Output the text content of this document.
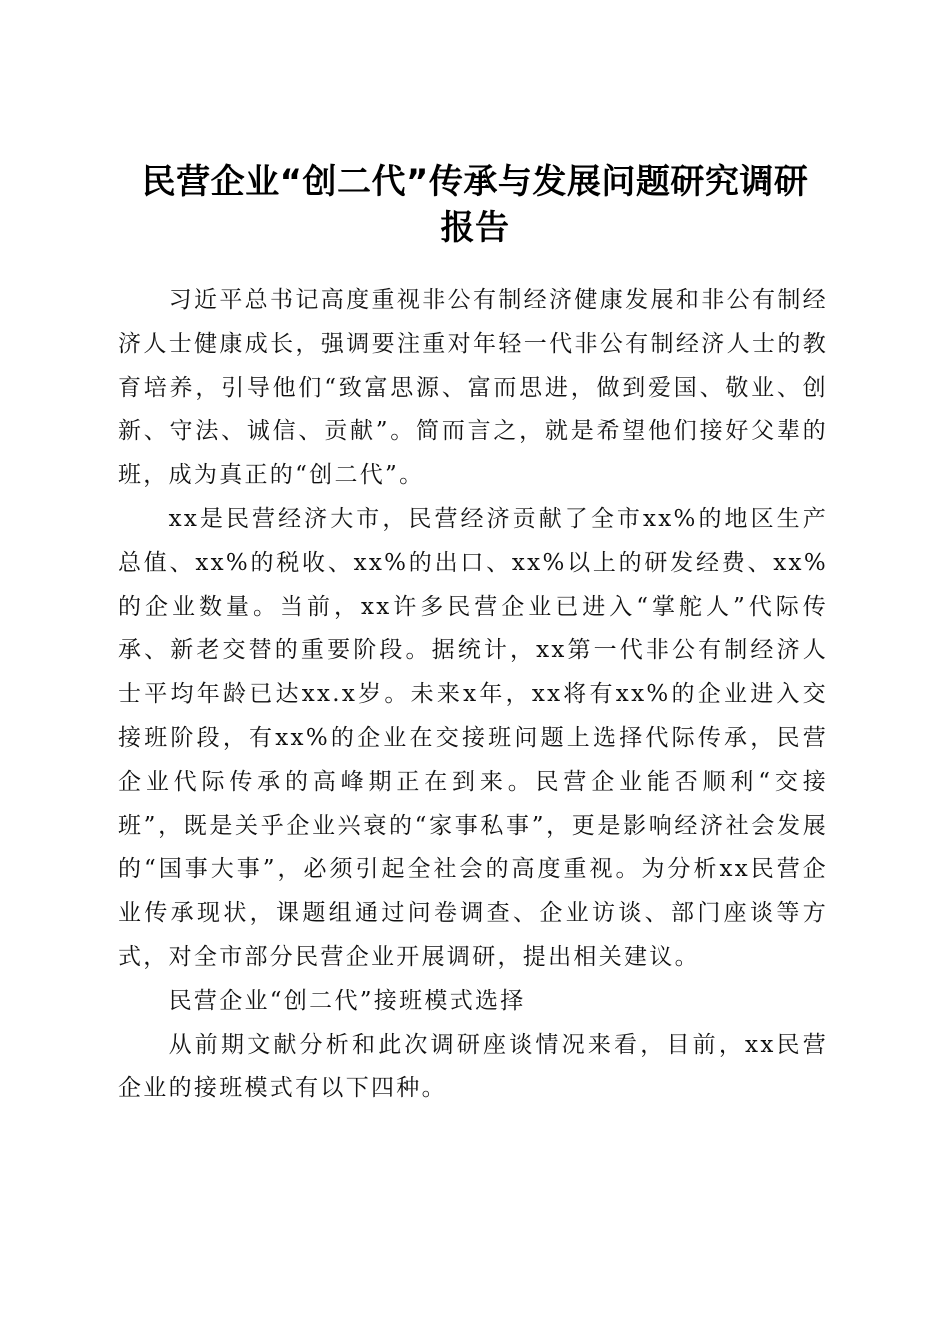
民营企业“创二代”传承与发展问题研究调研
报告

习近平总书记高度重视非公有制经济健康发展和非公有制经济人士健康成长，强调要注重对年轻一代非公有制经济人士的教育培养，引导他们“致富思源、富而思进，做到爱国、敬业、创新、守法、诚信、贡献”。简而言之，就是希望他们接好父辈的班，成为真正的“创二代”。

xx是民营经济大市，民营经济贡献了全市xx%的地区生产总值、xx%的税收、xx%的出口、xx%以上的研发经费、xx%的企业数量。当前，xx许多民营企业已进入“掌舵人”代际传承、新老交替的重要阶段。据统计，xx第一代非公有制经济人士平均年龄已达xx.x岁。未来x年，xx将有xx%的企业进入交接班阶段，有xx%的企业在交接班问题上选择代际传承，民营企业代际传承的高峰期正在到来。民营企业能否顺利“交接班”，既是关乎企业兴衰的“家事私事”，更是影响经济社会发展的“国事大事”，必须引起全社会的高度重视。为分析xx民营企业传承现状，课题组通过问卷调查、企业访谈、部门座谈等方式，对全市部分民营企业开展调研，提出相关建议。

民营企业“创二代”接班模式选择

从前期文献分析和此次调研座谈情况来看，目前，xx民营企业的接班模式有以下四种。
